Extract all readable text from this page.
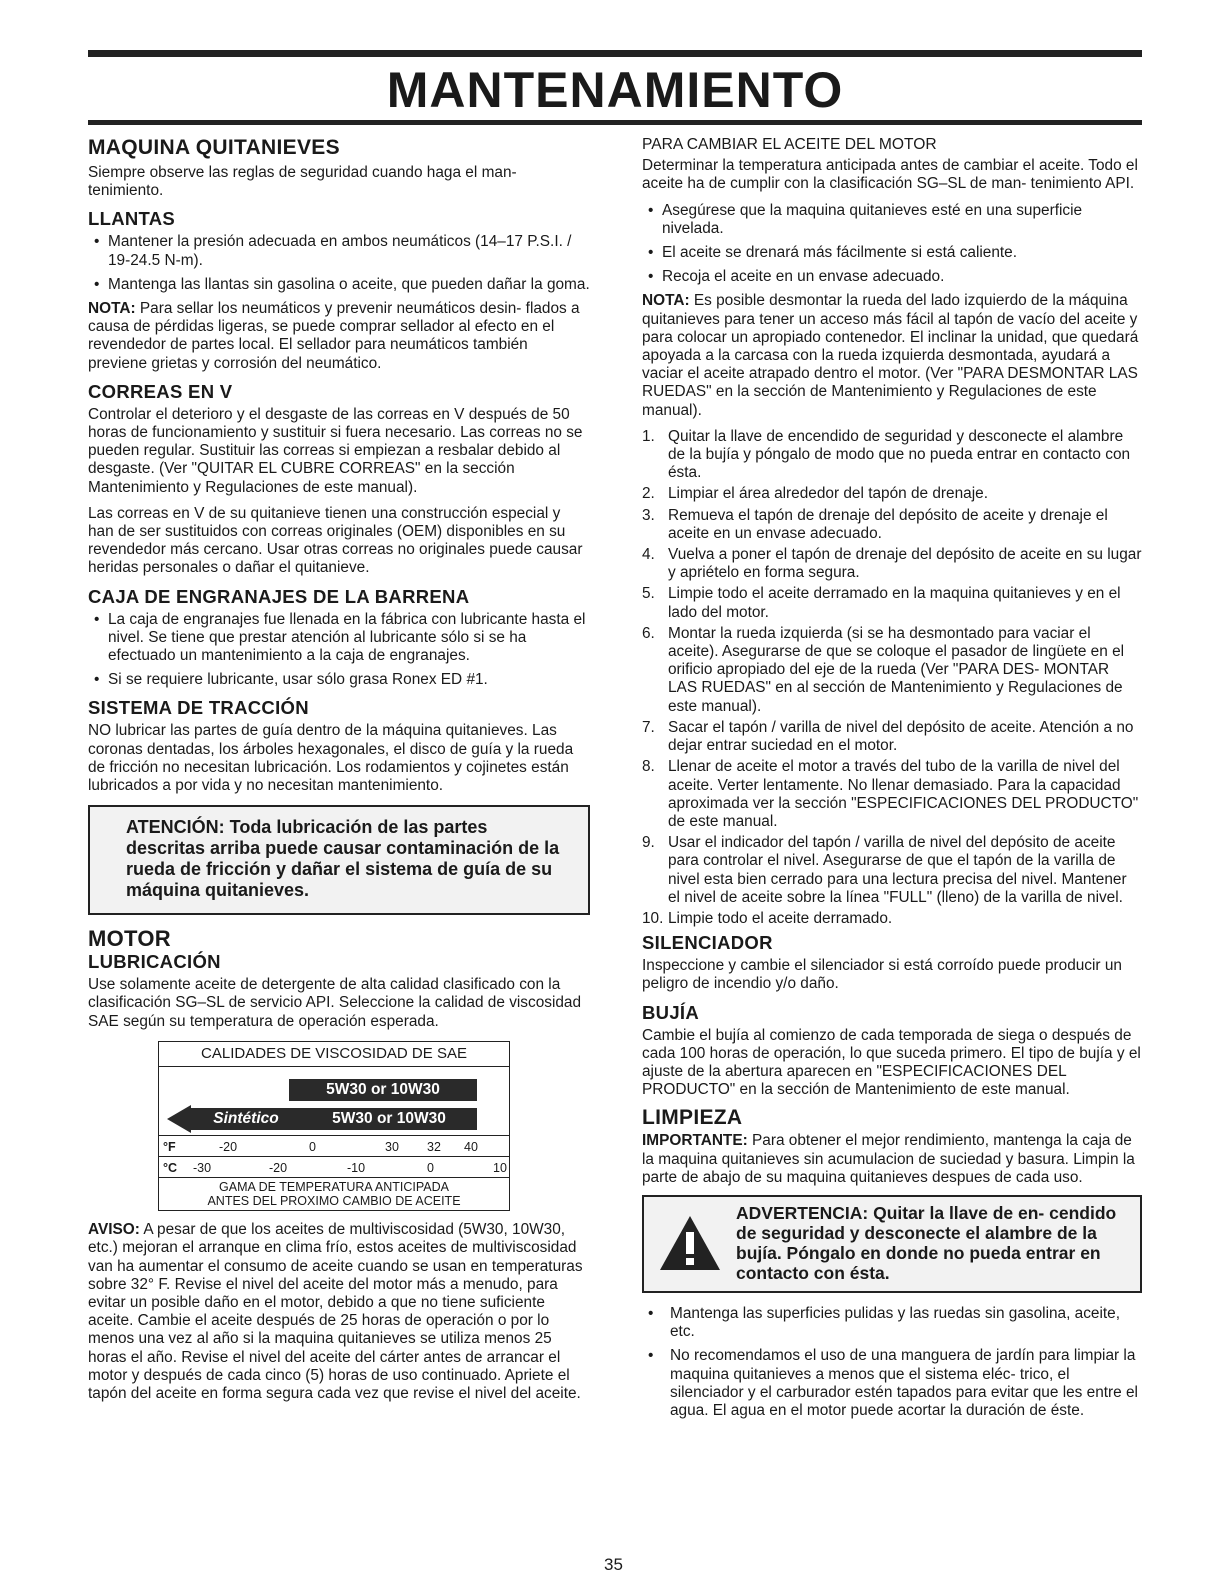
MANTENAMIENTO
MAQUINA QUITANIEVES

Siempre observe las reglas de seguridad cuando haga el man- tenimiento.

LLANTAS
• Mantener la presión adecuada en ambos neumáticos (14–17 P.S.I. / 19-24.5 N-m).
• Mantenga las llantas sin gasolina o aceite, que pueden dañar la goma.

NOTA: Para sellar los neumáticos y prevenir neumáticos desin- flados a causa de pérdidas ligeras, se puede comprar sellador al efecto en el revendedor de partes local. El sellador para neumáticos también previene grietas y corrosión del neumático.

CORREAS EN V

Controlar el deterioro y el desgaste de las correas en V después de 50 horas de funcionamiento y sustituir si fuera necesario. Las correas no se pueden regular. Sustituir las correas si empiezan a resbalar debido al desgaste. (Ver "QUITAR EL CUBRE CORREAS" en la sección Mantenimiento y Regulaciones de este manual).

Las correas en V de su quitanieve tienen una construcción especial y han de ser sustituidos con correas originales (OEM) disponibles en su revendedor más cercano. Usar otras correas no originales puede causar heridas personales o dañar el quitanieve.

CAJA DE ENGRANAJES DE LA BARRENA
• La caja de engranajes fue llenada en la fábrica con lubricante hasta el nivel. Se tiene que prestar atención al lubricante sólo si se ha efectuado un mantenimiento a la caja de engranajes.
• Si se requiere lubricante, usar sólo grasa Ronex ED #1.
SISTEMA DE TRACCIÓN

NO lubricar las partes de guía dentro de la máquina quitanieves. Las coronas dentadas, los árboles hexagonales, el disco de guía y la rueda de fricción no necesitan lubricación. Los rodamientos y cojinetes están lubricados a por vida y no necesitan mantenimiento.

ATENCIÓN: Toda lubricación de las partes descritas arriba puede causar contaminación de la rueda de fricción y dañar el sistema de guía de su máquina quitanieves.
MOTOR
LUBRICACIÓN

Use solamente aceite de detergente de alta calidad clasificado con la clasificación SG–SL de servicio API. Seleccione la calidad de viscosidad SAE según su temperatura de operación esperada.

CALIDADES DE VISCOSIDAD DE SAE
5W30 or 10W30
Sintético	5W30 or 10W30
°F	-20	0	30 32 40
°C -30	-20	-10	0	10
GAMA DE TEMPERATURA ANTICIPADA
ANTES DEL PROXIMO CAMBIO DE ACEITE

AVISO: A pesar de que los aceites de multiviscosidad (5W30, 10W30, etc.) mejoran el arranque en clima frío, estos aceites de multiviscosidad van ha aumentar el consumo de aceite cuando se usan en temperaturas sobre 32° F. Revise el nivel del aceite del motor más a menudo, para evitar un posible daño en el motor, debido a que no tiene suficiente aceite. Cambie el aceite después de 25 horas de operación o por lo menos una vez al año si la maquina quitanieves se utiliza menos 25 horas el año. Revise el nivel del aceite del cárter antes de arrancar el motor y después de cada cinco (5) horas de uso continuado. Apriete el tapón del aceite en forma segura cada vez que revise el nivel del aceite.

PARA CAMBIAR EL ACEITE DEL MOTOR

Determinar la temperatura anticipada antes de cambiar el aceite. Todo el aceite ha de cumplir con la clasificación SG–SL de man- tenimiento API.

• Asegúrese que la maquina quitanieves esté en una superficie nivelada.
• El aceite se drenará más fácilmente si está caliente.
• Recoja el aceite en un envase adecuado.

NOTA: Es posible desmontar la rueda del lado izquierdo de la máquina quitanieves para tener un acceso más fácil al tapón de vacío del aceite y para colocar un apropiado contenedor. El inclinar la unidad, que quedará apoyada a la carcasa con la rueda izquierda desmontada, ayudará a vaciar el aceite atrapado dentro el motor. (Ver "PARA DESMONTAR LAS RUEDAS" en la sección de Mantenimiento y Regulaciones de este manual).

1. Quitar la llave de encendido de seguridad y desconecte el alambre de la bujía y póngalo de modo que no pueda entrar en contacto con ésta.
2. Limpiar el área alrededor del tapón de drenaje.
3. Remueva el tapón de drenaje del depósito de aceite y drenaje el aceite en un envase adecuado.
4. Vuelva a poner el tapón de drenaje del depósito de aceite en su lugar y apriételo en forma segura.
5. Limpie todo el aceite derramado en la maquina quitanieves y en el lado del motor.
6. Montar la rueda izquierda (si se ha desmontado para vaciar el aceite). Asegurarse de que se coloque el pasador de lingüete en el orificio apropiado del eje de la rueda (Ver "PARA DES- MONTAR LAS RUEDAS" en al sección de Mantenimiento y Regulaciones de este manual).
7. Sacar el tapón / varilla de nivel del depósito de aceite. Atención a no dejar entrar suciedad en el motor.
8. Llenar de aceite el motor a través del tubo de la varilla de nivel del aceite. Verter lentamente. No llenar demasiado. Para la capacidad aproximada ver la sección "ESPECIFICACIONES DEL PRODUCTO" de este manual.
9. Usar el indicador del tapón / varilla de nivel del depósito de aceite para controlar el nivel. Asegurarse de que el tapón de la varilla de nivel esta bien cerrado para una lectura precisa del nivel. Mantener el nivel de aceite sobre la línea "FULL" (lleno) de la varilla de nivel.
10. Limpie todo el aceite derramado.
SILENCIADOR

Inspeccione y cambie el silenciador si está corroído puede producir un peligro de incendio y/o daño.

BUJÍA

Cambie el bujía al comienzo de cada temporada de siega o después de cada 100 horas de operación, lo que suceda primero. El tipo de bujía y el ajuste de la abertura aparecen en "ESPECIFICACIONES DEL PRODUCTO" en la sección de Mantenimiento de este manual.

LIMPIEZA

IMPORTANTE: Para obtener el mejor rendimiento, mantenga la caja de la maquina quitanieves sin acumulacion de suciedad y basura. Limpin la parte de abajo de su maquina quitanieves despues de cada uso.

ADVERTENCIA: Quitar la llave de en- cendido de seguridad y desconecte el alambre de la bujía. Póngalo en donde no pueda entrar en contacto con ésta.
• Mantenga las superficies pulidas y las ruedas sin gasolina, aceite, etc.
• No recomendamos el uso de una manguera de jardín para limpiar la maquina quitanieves a menos que el sistema eléc- trico, el silenciador y el carburador estén tapados para evitar que les entre el agua. El agua en el motor puede acortar la duración de éste.
35
